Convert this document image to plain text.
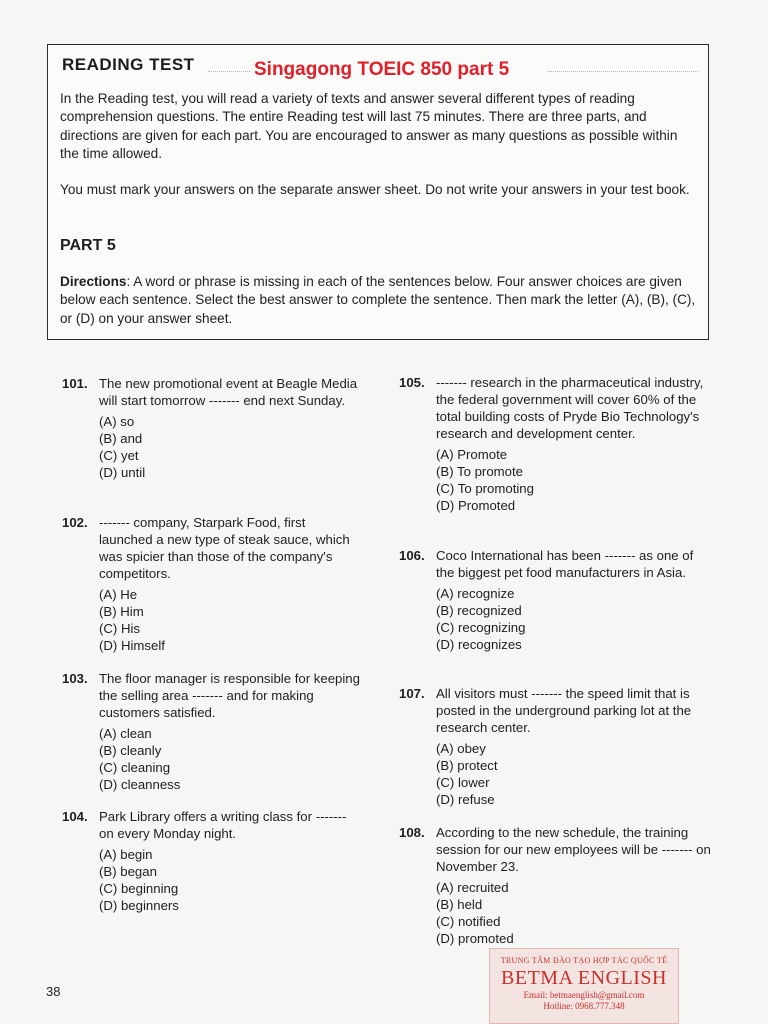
READING TEST	Singagong TOEIC 850 part 5

In the Reading test, you will read a variety of texts and answer several different types of reading comprehension questions. The entire Reading test will last 75 minutes. There are three parts, and directions are given for each part. You are encouraged to answer as many questions as possible within the time allowed.

You must mark your answers on the separate answer sheet. Do not write your answers in your test book.

PART 5

Directions: A word or phrase is missing in each of the sentences below. Four answer choices are given below each sentence. Select the best answer to complete the sentence. Then mark the letter (A), (B), (C), or (D) on your answer sheet.

101. The new promotional event at Beagle Media will start tomorrow ------- end next Sunday.
(A) so
(B) and
(C) yet
(D) until
102. ------- company, Starpark Food, first launched a new type of steak sauce, which was spicier than those of the company's competitors.
(A) He
(B) Him
(C) His
(D) Himself
103. The floor manager is responsible for keeping the selling area ------- and for making customers satisfied.
(A) clean
(B) cleanly
(C) cleaning
(D) cleanness
104. Park Library offers a writing class for ------- on every Monday night.
(A) begin
(B) began
(C) beginning
(D) beginners
105. ------- research in the pharmaceutical industry, the federal government will cover 60% of the total building costs of Pryde Bio Technology's research and development center.
(A) Promote
(B) To promote
(C) To promoting
(D) Promoted
106. Coco International has been ------- as one of the biggest pet food manufacturers in Asia.
(A) recognize
(B) recognized
(C) recognizing
(D) recognizes
107. All visitors must ------- the speed limit that is posted in the underground parking lot at the research center.
(A) obey
(B) protect
(C) lower
(D) refuse
108. According to the new schedule, the training session for our new employees will be ------- on November 23.
(A) recruited
(B) held
(C) notified
(D) promoted
38
TRUNG TÂM ĐÀO TẠO HỢP TÁC QUỐC TẾ
BETMA ENGLISH
Email: betmaenglish@gmail.com
Hotline: 0968.777.348
